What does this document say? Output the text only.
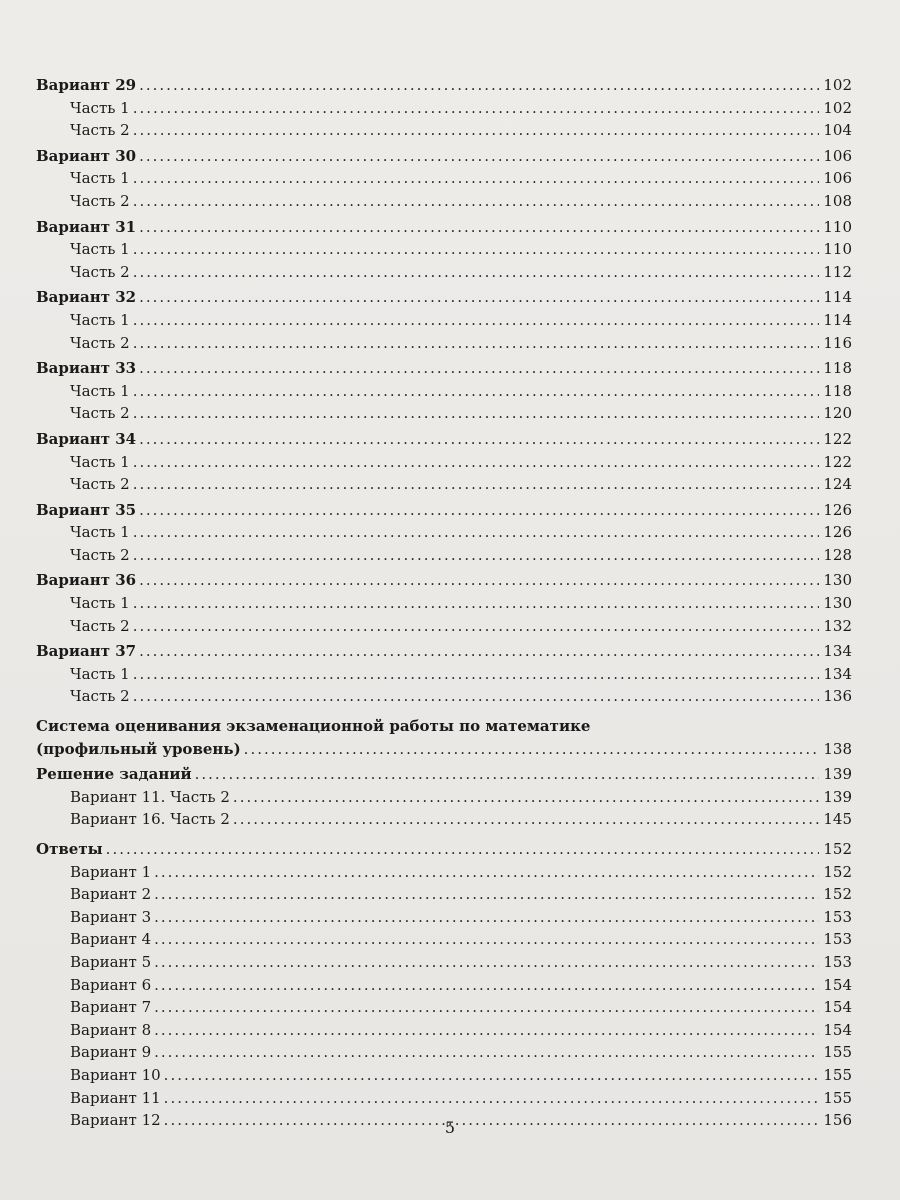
Вариант 29 .....	102
Часть 1 .....	102
Часть 2 .....	104
Вариант 30 .....	106
Часть 1 .....	106
Часть 2 .....	108
Вариант 31 .....	110
Часть 1 .....	110
Часть 2 .....	112
Вариант 32 .....	114
Часть 1 .....	114
Часть 2 .....	116
Вариант 33 .....	118
Часть 1 .....	118
Часть 2 .....	120
Вариант 34 .....	122
Часть 1 .....	122
Часть 2 .....	124
Вариант 35 .....	126
Часть 1 .....	126
Часть 2 .....	128
Вариант 36 .....	130
Часть 1 .....	130
Часть 2 .....	132
Вариант 37 .....	134
Часть 1 .....	134
Часть 2 .....	136
Система оценивания экзаменационной работы по математике
(профильный уровень) .....	138
Решение заданий .....	139
Вариант 11. Часть 2 .....	139
Вариант 16. Часть 2 .....	145
Ответы .....	152
Вариант 1 .....	152
Вариант 2 .....	152
Вариант 3 .....	153
Вариант 4 .....	153
Вариант 5 .....	153
Вариант 6 .....	154
Вариант 7 .....	154
Вариант 8 .....	154
Вариант 9 .....	155
Вариант 10 .....	155
Вариант 11 .....	155
Вариант 12 .....	156
5
